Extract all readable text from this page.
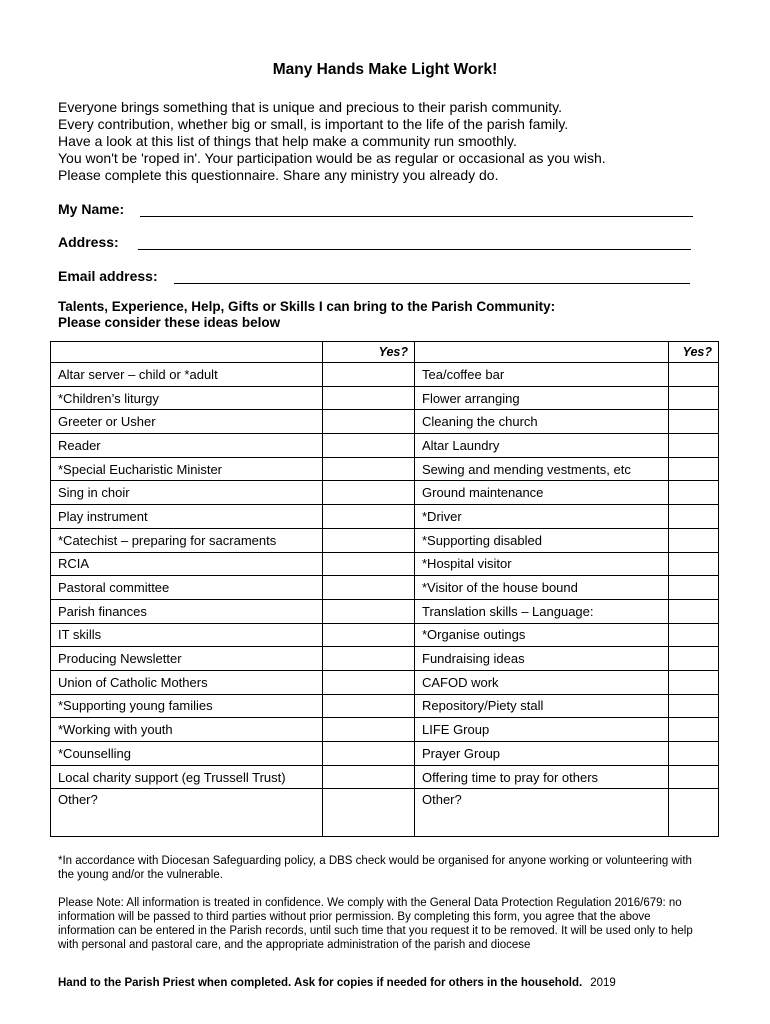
Many Hands Make Light Work!
Everyone brings something that is unique and precious to their parish community.
Every contribution, whether big or small, is important to the life of the parish family.
Have a look at this list of things that help make a community run smoothly.
You won't be 'roped in'. Your participation would be as regular or occasional as you wish.
Please complete this questionnaire. Share any ministry you already do.
My Name:
Address:
Email address:
Talents, Experience, Help, Gifts or Skills I can bring to the Parish Community:
Please consider these ideas below
	Yes?		Yes?
Altar server – child or *adult		Tea/coffee bar	
*Children’s liturgy		Flower arranging	
Greeter or Usher		Cleaning the church	
Reader		Altar Laundry	
*Special Eucharistic Minister		Sewing and mending vestments, etc	
Sing in choir		Ground maintenance	
Play instrument		*Driver	
*Catechist – preparing for sacraments		*Supporting disabled	
RCIA		*Hospital visitor	
Pastoral committee		*Visitor of the house bound	
Parish finances		Translation skills – Language:	
IT skills		*Organise outings	
Producing Newsletter		Fundraising ideas	
Union of Catholic Mothers		CAFOD work	
*Supporting young families		Repository/Piety stall	
*Working with youth		LIFE Group	
*Counselling		Prayer Group	
Local charity support (eg Trussell Trust)		Offering time to pray for others	
Other?		Other?	
*In accordance with Diocesan Safeguarding policy, a DBS check would be organised for anyone working or volunteering with the young and/or the vulnerable.
Please Note: All information is treated in confidence. We comply with the General Data Protection Regulation 2016/679: no information will be passed to third parties without prior permission. By completing this form, you agree that the above information can be entered in the Parish records, until such time that you request it to be removed. It will be used only to help with personal and pastoral care, and the appropriate administration of the parish and diocese
Hand to the Parish Priest when completed. Ask for copies if needed for others in the household. 2019
